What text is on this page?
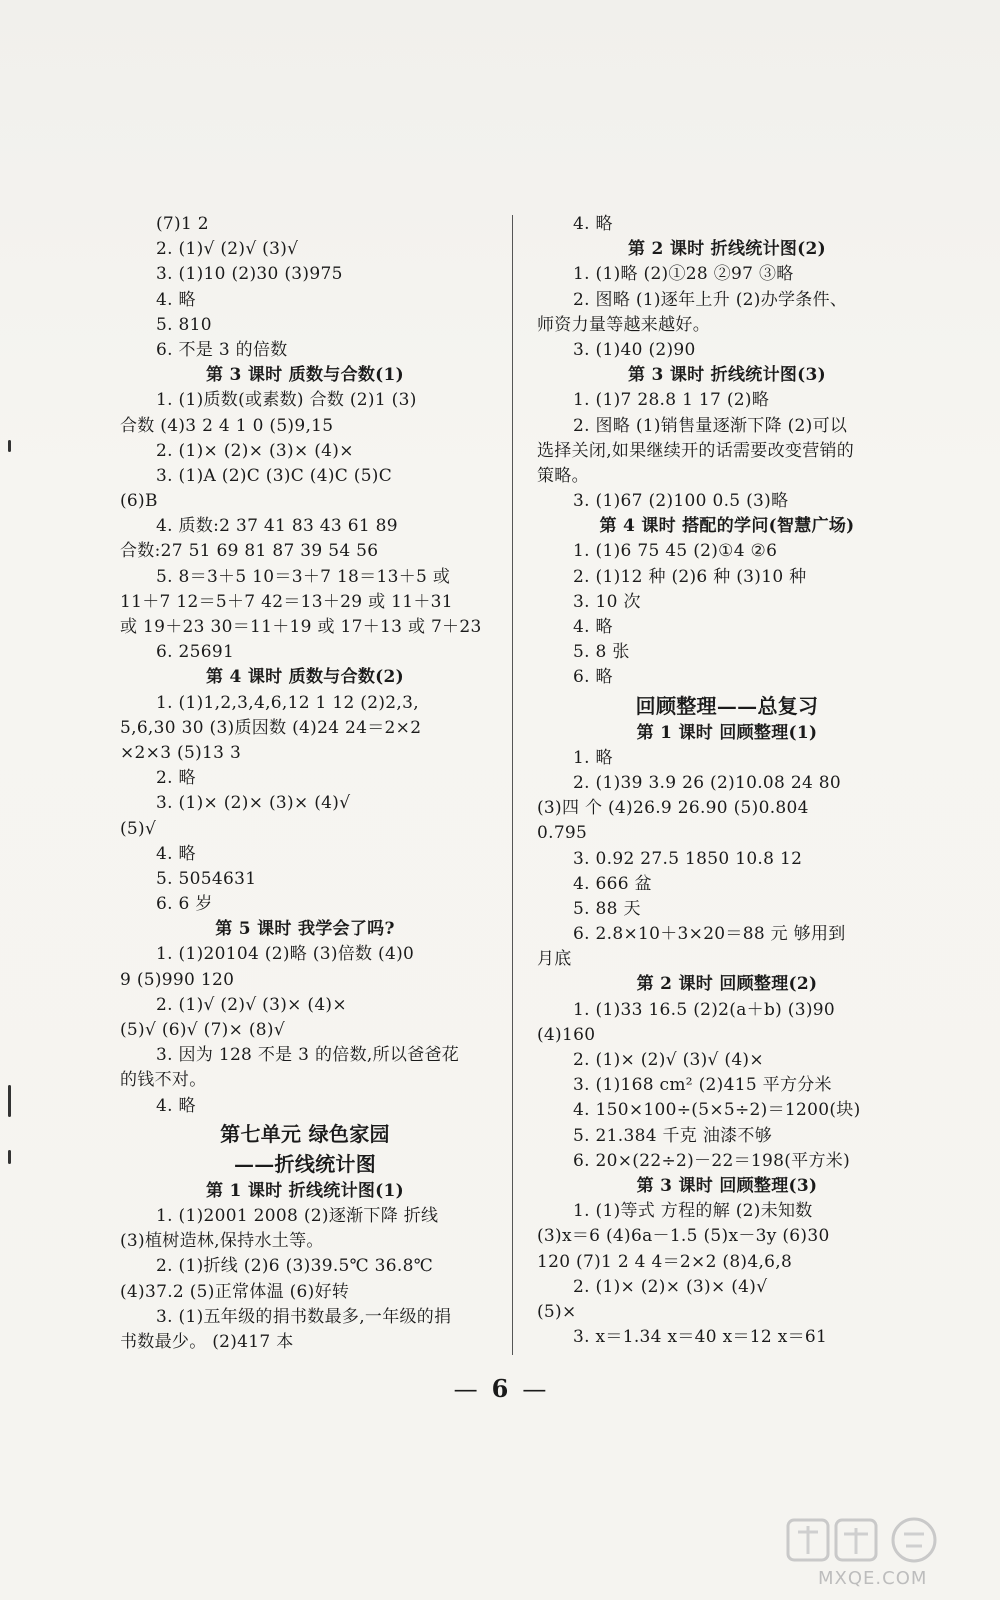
(7)1 2
2. (1)√ (2)√ (3)√
3. (1)10 (2)30 (3)975
4. 略
5. 810
6. 不是 3 的倍数
第 3 课时 质数与合数(1)
1. (1)质数(或素数) 合数 (2)1 (3)
合数 (4)3 2 4 1 0 (5)9,15
2. (1)× (2)× (3)× (4)×
3. (1)A (2)C (3)C (4)C (5)C
(6)B
4. 质数:2 37 41 83 43 61 89
合数:27 51 69 81 87 39 54 56
5. 8＝3＋5 10＝3＋7 18＝13＋5 或
11＋7 12＝5＋7 42＝13＋29 或 11＋31
或 19＋23 30＝11＋19 或 17＋13 或 7＋23
6. 25691
第 4 课时 质数与合数(2)
1. (1)1,2,3,4,6,12 1 12 (2)2,3,
5,6,30 30 (3)质因数 (4)24 24＝2×2
×2×3 (5)13 3
2. 略
3. (1)× (2)× (3)× (4)√
(5)√
4. 略
5. 5054631
6. 6 岁
第 5 课时 我学会了吗?
1. (1)20104 (2)略 (3)倍数 (4)0
9 (5)990 120
2. (1)√ (2)√ (3)× (4)×
(5)√ (6)√ (7)× (8)√
3. 因为 128 不是 3 的倍数,所以爸爸花
的钱不对。
4. 略
第七单元 绿色家园
——折线统计图
第 1 课时 折线统计图(1)
1. (1)2001 2008 (2)逐渐下降 折线
(3)植树造林,保持水土等。
2. (1)折线 (2)6 (3)39.5℃ 36.8℃
(4)37.2 (5)正常体温 (6)好转
3. (1)五年级的捐书数最多,一年级的捐
书数最少。 (2)417 本
4. 略
第 2 课时 折线统计图(2)
1. (1)略 (2)①28 ②97 ③略
2. 图略 (1)逐年上升 (2)办学条件、
师资力量等越来越好。
3. (1)40 (2)90
第 3 课时 折线统计图(3)
1. (1)7 28.8 1 17 (2)略
2. 图略 (1)销售量逐渐下降 (2)可以
选择关闭,如果继续开的话需要改变营销的
策略。
3. (1)67 (2)100 0.5 (3)略
第 4 课时 搭配的学问(智慧广场)
1. (1)6 75 45 (2)①4 ②6
2. (1)12 种 (2)6 种 (3)10 种
3. 10 次
4. 略
5. 8 张
6. 略
回顾整理——总复习
第 1 课时 回顾整理(1)
1. 略
2. (1)39 3.9 26 (2)10.08 24 80
(3)四 个 (4)26.9 26.90 (5)0.804
0.795
3. 0.92 27.5 1850 10.8 12
4. 666 盆
5. 88 天
6. 2.8×10＋3×20＝88 元 够用到
月底
第 2 课时 回顾整理(2)
1. (1)33 16.5 (2)2(a＋b) (3)90
(4)160
2. (1)× (2)√ (3)√ (4)×
3. (1)168 cm² (2)415 平方分米
4. 150×100÷(5×5÷2)＝1200(块)
5. 21.384 千克 油漆不够
6. 20×(22÷2)－22＝198(平方米)
第 3 课时 回顾整理(3)
1. (1)等式 方程的解 (2)未知数
(3)x＝6 (4)6a－1.5 (5)x－3y (6)30
120 (7)1 2 4 4＝2×2 (8)4,6,8
2. (1)× (2)× (3)× (4)√
(5)×
3. x＝1.34 x＝40 x＝12 x＝61
— 6 —
MXQE.COM
